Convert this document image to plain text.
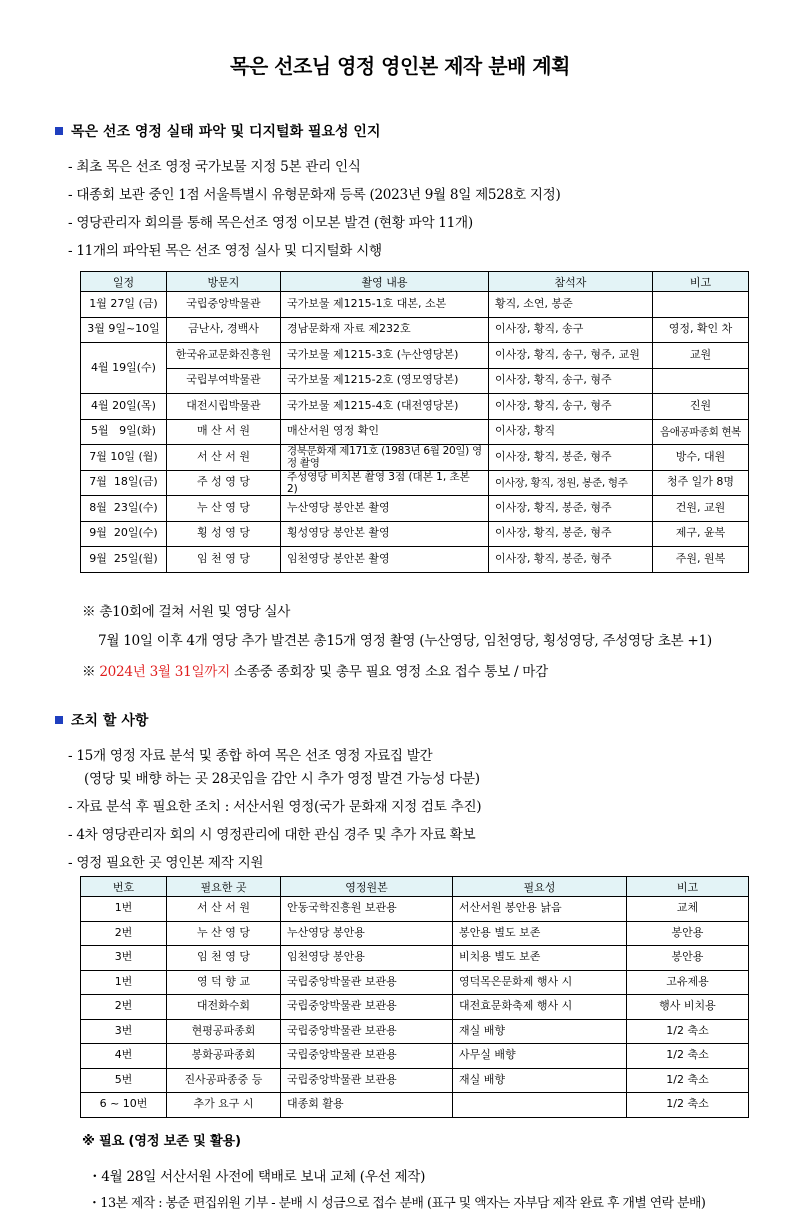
목은 선조님 영정 영인본 제작 분배 계획
목은 선조 영정 실태 파악 및 디지털화 필요성 인지
- 최초 목은 선조 영정 국가보물 지정 5본 관리 인식
- 대종회 보관 중인 1점 서울특별시 유형문화재 등록 (2023년 9월 8일 제528호 지정)
- 영당관리자 회의를 통해 목은선조 영정 이모본 발견 (현황 파악 11개)
- 11개의 파악된 목은 선조 영정 실사 및 디지털화 시행
일정	방문지	촬영 내용	참석자	비고
1월 27일 (금)	국립중앙박물관	국가보물 제1215-1호 대본, 소본	황직, 소연, 봉준	
3월 9일~10일	금난사, 경백사	경남문화재 자료 제232호	이사장, 황직, 송구	영정, 확인 차
4월 19일(수)	한국유교문화진흥원	국가보물 제1215-3호 (누산영당본)	이사장, 황직, 송구, 형주, 교원	교원
	국립부여박물관	국가보물 제1215-2호 (영모영당본)	이사장, 황직, 송구, 형주	
4월 20일(목)	대전시립박물관	국가보물 제1215-4호 (대전영당본)	이사장, 황직, 송구, 형주	진원
5월   9일(화)	매 산 서 원	매산서원 영정 확인	이사장, 황직	음애공파종회 현복
7월 10일 (월)	서 산 서 원	경북문화재 제171호 (1983년 6월 20일) 영정 촬영	이사장, 황직, 봉준, 형주	방수, 대원
7월  18일(금)	주 성 영 당	주성영당 비치본 촬영 3점 (대본 1, 초본 2)	이사장, 황직, 정원, 봉준, 형주	청주 일가 8명
8월  23일(수)	누 산 영 당	누산영당 봉안본 촬영	이사장, 황직, 봉준, 형주	건원, 교원
9월  20일(수)	횡 성 영 당	횡성영당 봉안본 촬영	이사장, 황직, 봉준, 형주	제구, 윤복
9월  25일(월)	임 천 영 당	임천영당 봉안본 촬영	이사장, 황직, 봉준, 형주	주원, 원복
※ 총10회에 걸쳐 서원 및 영당 실사
7월 10일 이후 4개 영당 추가 발견본 총15개 영정 촬영 (누산영당, 임천영당, 횡성영당, 주성영당 초본 +1)
※ 2024년 3월 31일까지 소종중 종회장 및 총무 필요 영정 소요 접수 통보 / 마감
조치 할 사항
- 15개 영정 자료 분석 및 종합 하여 목은 선조 영정 자료집 발간
(영당 및 배향 하는 곳 28곳임을 감안 시 추가 영정 발견 가능성 다분)
- 자료 분석 후 필요한 조치 : 서산서원 영정(국가 문화재 지정 검토 추진)
- 4차 영당관리자 회의 시 영정관리에 대한 관심 경주 및 추가 자료 확보
- 영정 필요한 곳 영인본 제작 지원
번호	필요한 곳	영정원본	필요성	비고
1번	서 산 서 원	안동국학진흥원 보관용	서산서원 봉안용 낡음	교체
2번	누 산 영 당	누산영당 봉안용	봉안용 별도 보존	봉안용
3번	임 천 영 당	임천영당 봉안용	비치용 별도 보존	봉안용
1번	영 덕 향 교	국립중앙박물관 보관용	영덕목은문화제 행사 시	고유제용
2번	대전화수회	국립중앙박물관 보관용	대전효문화축제 행사 시	행사 비치용
3번	현평공파종회	국립중앙박물관 보관용	재실 배향	1/2 축소
4번	봉화공파종회	국립중앙박물관 보관용	사무실 배향	1/2 축소
5번	진사공파종중 등	국립중앙박물관 보관용	재실 배향	1/2 축소
6 ~ 10번	추가 요구 시	대종회 활용		1/2 축소
※ 필요 (영정 보존 및 활용)
・4월 28일 서산서원 사전에 택배로 보내 교체 (우선 제작)
・13본 제작 : 봉준 편집위원 기부 - 분배 시 성금으로 접수 분배 (표구 및 액자는 자부담 제작 완료 후 개별 연락 분배)
